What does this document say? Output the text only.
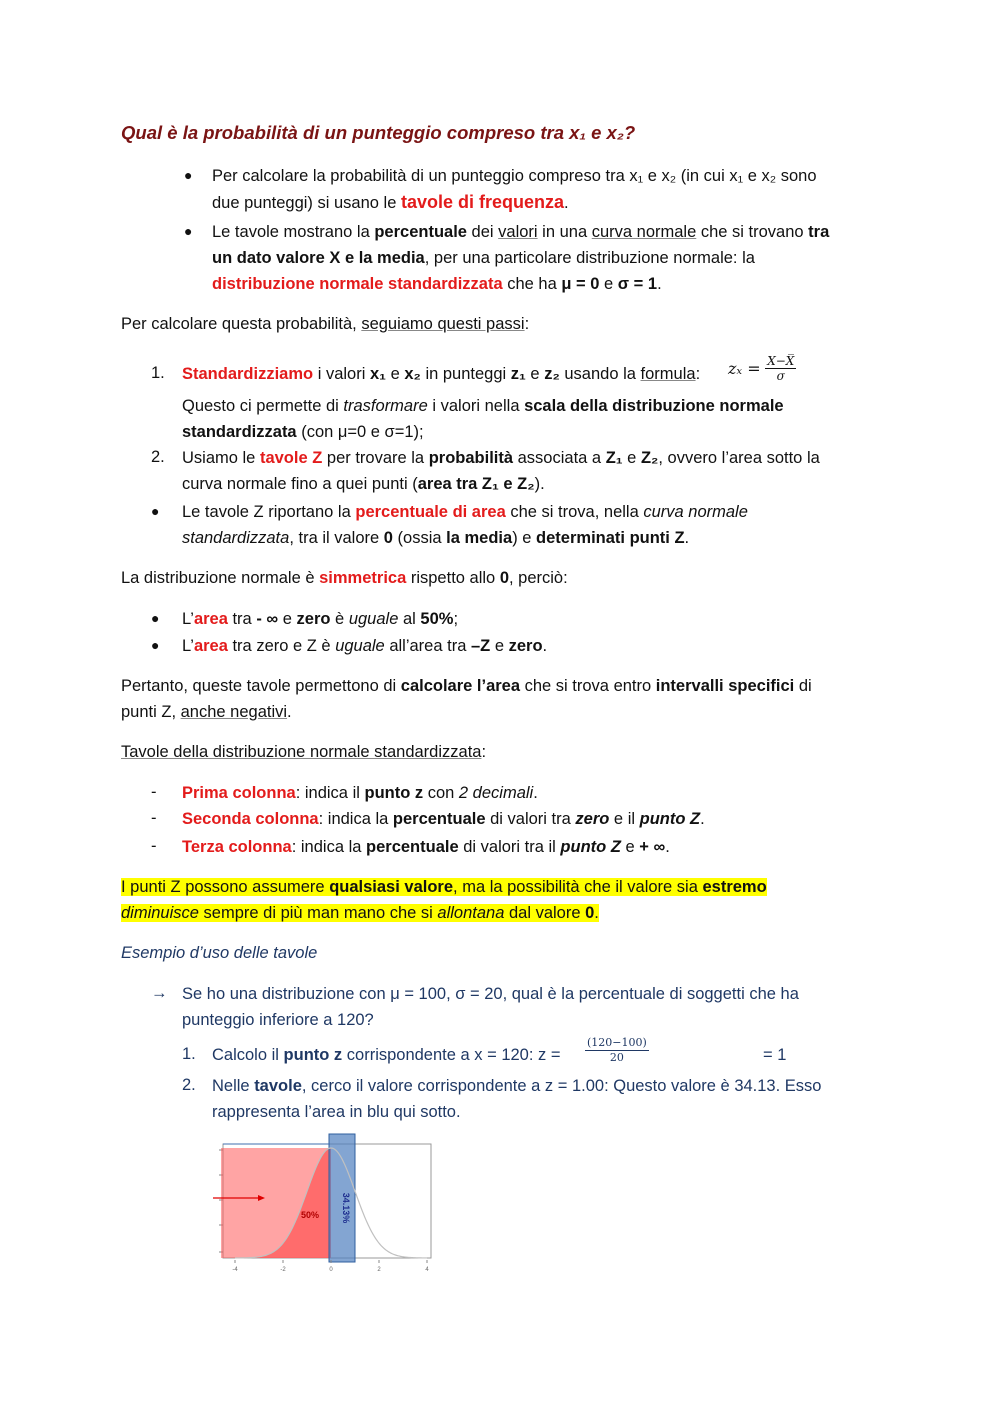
Qual è la probabilità di un punteggio compreso tra x₁ e x₂?
● Per calcolare la probabilità di un punteggio compreso tra x₁ e x₂ (in cui x₁ e x₂ sono
due punteggi) si usano le tavole di frequenza.
● Le tavole mostrano la percentuale dei valori in una curva normale che si trovano tra
un dato valore X e la media, per una particolare distribuzione normale: la
distribuzione normale standardizzata che ha μ = 0 e σ = 1.
Per calcolare questa probabilità, seguiamo questi passi:
1. Standardizziamo i valori x₁ e x₂ in punteggi z₁ e z₂ usando la formula: $z_x = \frac{X-X̅}{\sigma}$
Questo ci permette di trasformare i valori nella scala della distribuzione normale
standardizzata (con μ=0 e σ=1);
2. Usiamo le tavole Z per trovare la probabilità associata a Z₁ e Z₂, ovvero l’area sotto la
curva normale fino a quei punti (area tra Z₁ e Z₂).
● Le tavole Z riportano la percentuale di area che si trova, nella curva normale
standardizzata, tra il valore 0 (ossia la media) e determinati punti Z.
La distribuzione normale è simmetrica rispetto allo 0, perciò:
● L’area tra - ∞ e zero è uguale al 50%;
● L’area tra zero e Z è uguale all’area tra –Z e zero.
Pertanto, queste tavole permettono di calcolare l’area che si trova entro intervalli specifici di
punti Z, anche negativi.
Tavole della distribuzione normale standardizzata:
- Prima colonna: indica il punto z con 2 decimali.
- Seconda colonna: indica la percentuale di valori tra zero e il punto Z.
- Terza colonna: indica la percentuale di valori tra il punto Z e + ∞.
I punti Z possono assumere qualsiasi valore, ma la possibilità che il valore sia estremo
diminuisce sempre di più man mano che si allontana dal valore 0.
Esempio d’uso delle tavole
→ Se ho una distribuzione con μ = 100, σ = 20, qual è la percentuale di soggetti che ha
punteggio inferiore a 120?
1. Calcolo il punto z corrispondente a x = 120: $z = \frac{(120-100)}{20}$	= 1
2. Nelle tavole, cerco il valore corrispondente a z = 1.00: Questo valore è 34.13. Esso
rappresenta l’area in blu qui sotto.
50% 34.13%
-4	-2	0	2	4
